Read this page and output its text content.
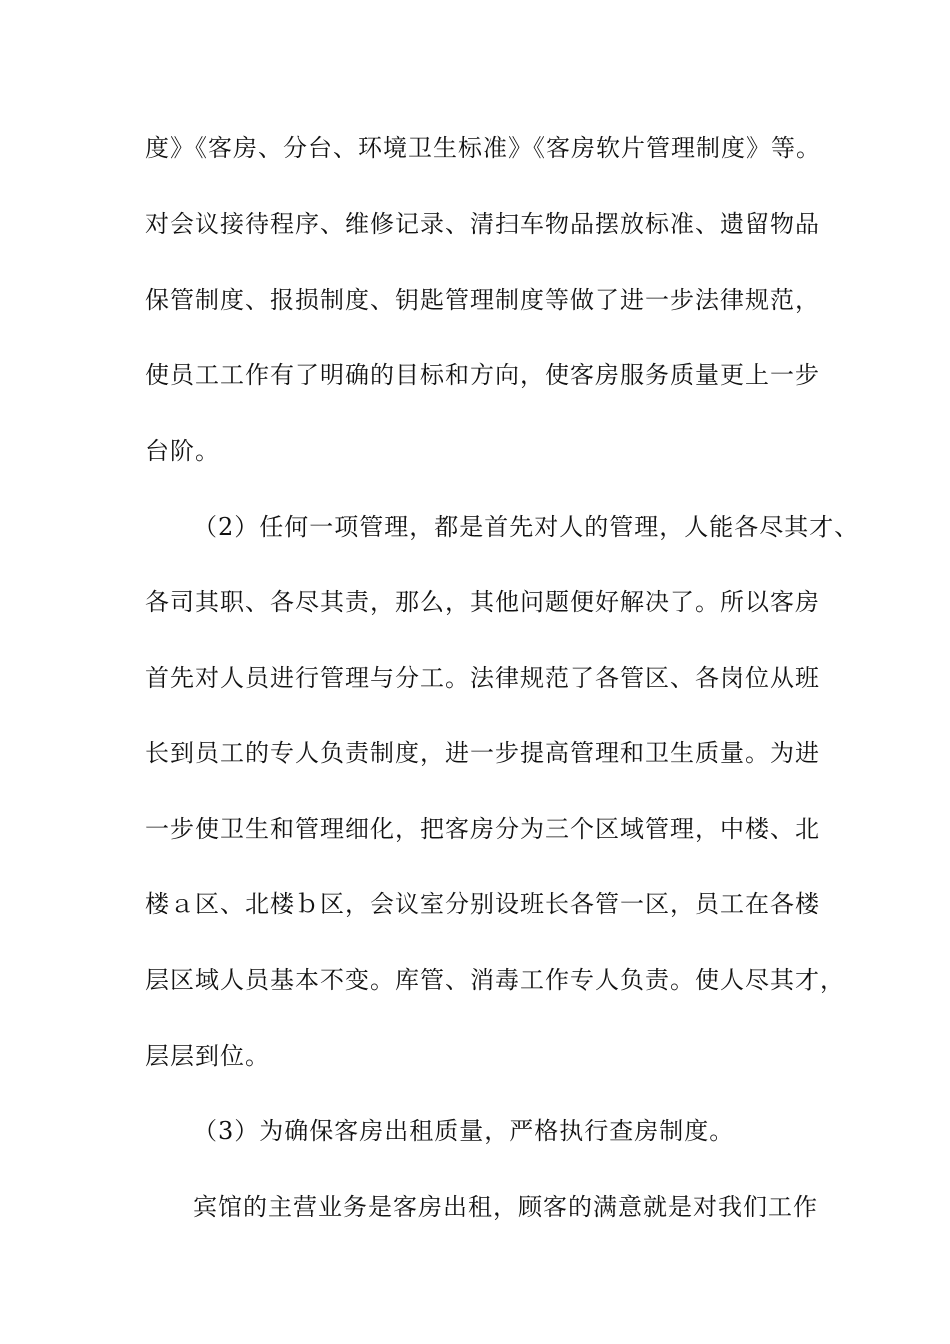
度》《客房、分台、环境卫生标准》《客房软片管理制度》等。
对会议接待程序、维修记录、清扫车物品摆放标准、遗留物品
保管制度、报损制度、钥匙管理制度等做了进一步法律规范，
使员工工作有了明确的目标和方向，使客房服务质量更上一步
台阶。
（2）任何一项管理，都是首先对人的管理，人能各尽其才、
各司其职、各尽其责，那么，其他问题便好解决了。所以客房
首先对人员进行管理与分工。法律规范了各管区、各岗位从班
长到员工的专人负责制度，进一步提高管理和卫生质量。为进
一步使卫生和管理细化，把客房分为三个区域管理，中楼、北
楼ａ区、北楼ｂ区，会议室分别设班长各管一区，员工在各楼
层区域人员基本不变。库管、消毒工作专人负责。使人尽其才，
层层到位。
（3）为确保客房出租质量，严格执行查房制度。
宾馆的主营业务是客房出租，顾客的满意就是对我们工作
